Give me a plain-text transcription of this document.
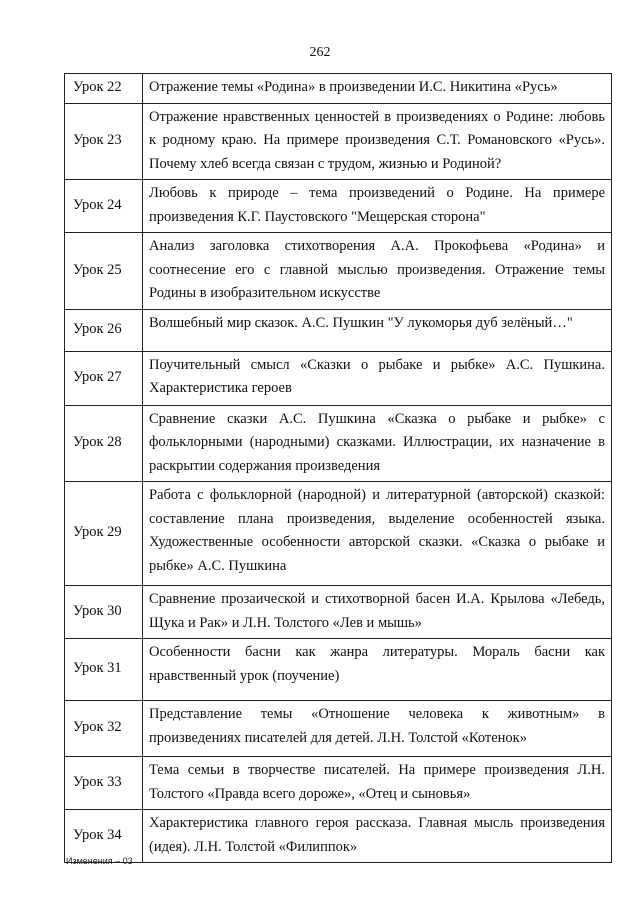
262
Урок 22	Отражение темы «Родина» в произведении И.С. Никитина «Русь»
Урок 23	Отражение нравственных ценностей в произведениях о Родине: любовь к родному краю. На примере произведения С.Т. Романовского «Русь». Почему хлеб всегда связан с трудом, жизнью и Родиной?
Урок 24	Любовь к природе – тема произведений о Родине. На примере произведения К.Г. Паустовского "Мещерская сторона"
Урок 25	Анализ заголовка стихотворения А.А. Прокофьева «Родина» и соотнесение его с главной мыслью произведения. Отражение темы Родины в изобразительном искусстве
Урок 26	Волшебный мир сказок. А.С. Пушкин "У лукоморья дуб зелёный…"
Урок 27	Поучительный смысл «Сказки о рыбаке и рыбке» А.С. Пушкина. Характеристика героев
Урок 28	Сравнение сказки А.С. Пушкина «Сказка о рыбаке и рыбке» с фольклорными (народными) сказками. Иллюстрации, их назначение в раскрытии содержания произведения
Урок 29	Работа с фольклорной (народной) и литературной (авторской) сказкой: составление плана произведения, выделение особенностей языка. Художественные особенности авторской сказки. «Сказка о рыбаке и рыбке» А.С. Пушкина
Урок 30	Сравнение прозаической и стихотворной басен И.А. Крылова «Лебедь, Щука и Рак» и Л.Н. Толстого «Лев и мышь»
Урок 31	Особенности басни как жанра литературы. Мораль басни как нравственный урок (поучение)
Урок 32	Представление темы «Отношение человека к животным» в произведениях писателей для детей. Л.Н. Толстой «Котенок»
Урок 33	Тема семьи в творчестве писателей. На примере произведения Л.Н. Толстого «Правда всего дороже», «Отец и сыновья»
Урок 34	Характеристика главного героя рассказа. Главная мысль произведения (идея). Л.Н. Толстой «Филиппок»
Изменения – 03
